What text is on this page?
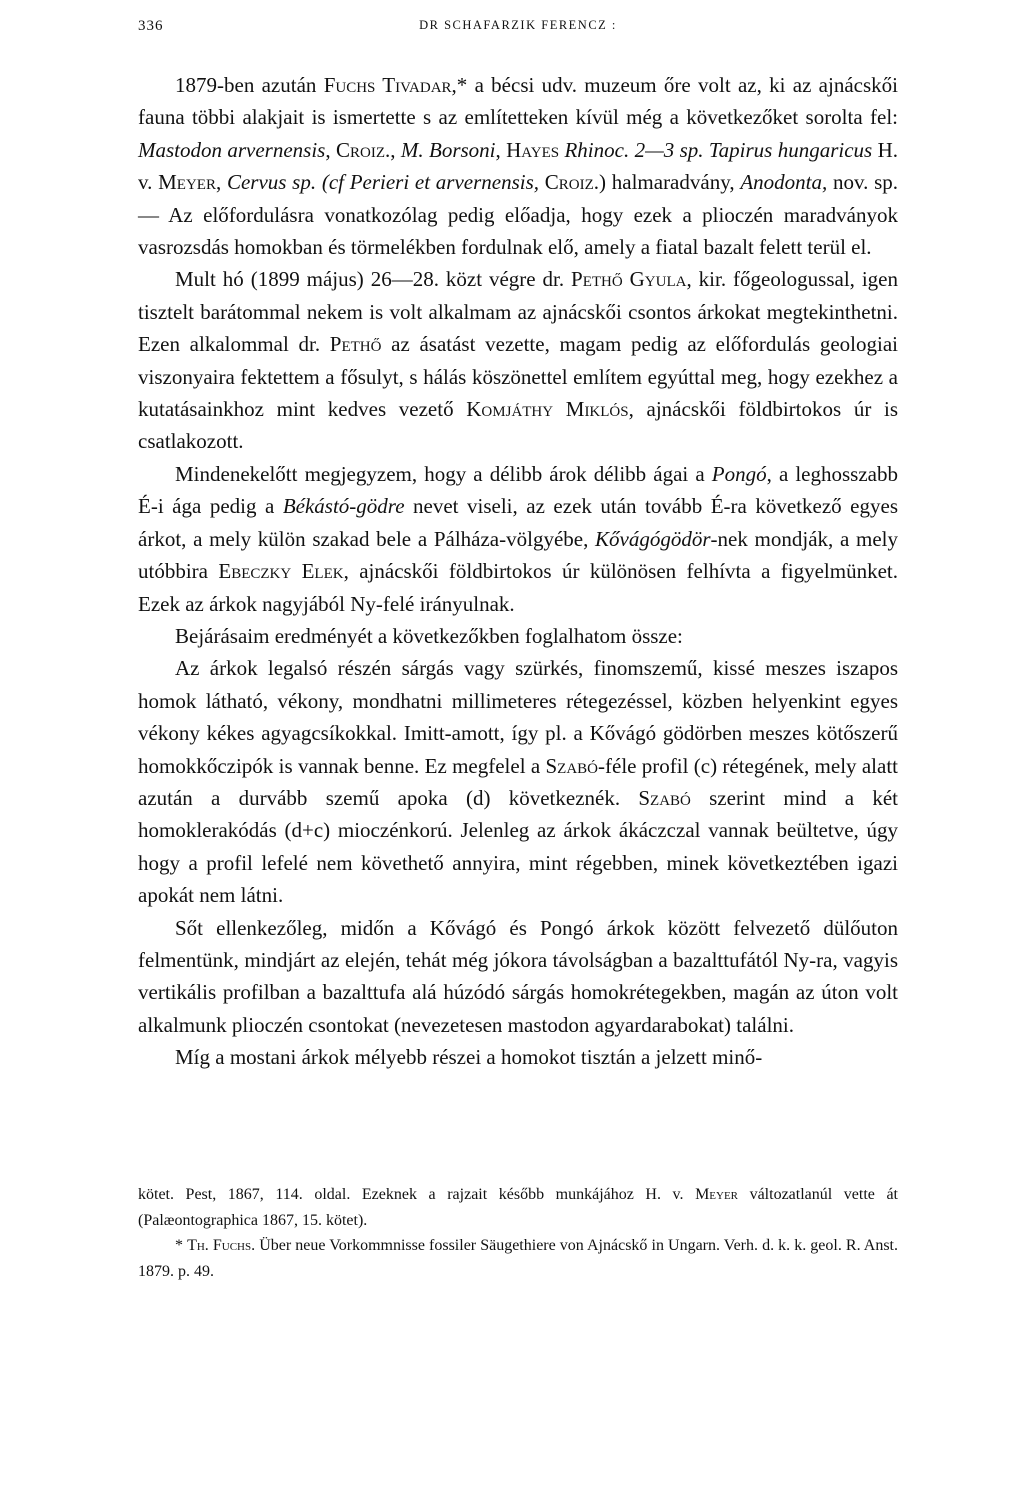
336	DR SCHAFARZIK FERENCZ :

1879-ben azután Fuchs Tivadar,* a bécsi udv. muzeum őre volt az, ki az ajnácskői fauna többi alakjait is ismertette s az említetteken kívül még a következőket sorolta fel: Mastodon arvernensis, Croiz., M. Borsoni, Hayes Rhinoc. 2—3 sp. Tapirus hungaricus H. v. Meyer, Cervus sp. (cf Perieri et arvernensis, Croiz.) halmaradvány, Anodonta, nov. sp. — Az előfordulásra vonatkozólag pedig előadja, hogy ezek a plioczén maradványok vasrozsdás homokban és törmelékben fordulnak elő, amely a fiatal bazalt felett terül el.

Mult hó (1899 május) 26—28. közt végre dr. Pethő Gyula, kir. főgeologussal, igen tisztelt barátommal nekem is volt alkalmam az ajnácskői csontos árkokat megtekinthetni. Ezen alkalommal dr. Pethő az ásatást vezette, magam pedig az előfordulás geologiai viszonyaira fektettem a fősulyt, s hálás köszönettel említem egyúttal meg, hogy ezekhez a kutatásainkhoz mint kedves vezető Komjáthy Miklós, ajnácskői földbirtokos úr is csatlakozott.

Mindenekelőtt megjegyzem, hogy a délibb árok délibb ágai a Pongó, a leghosszabb É-i ága pedig a Békástó-gödre nevet viseli, az ezek után tovább É-ra következő egyes árkot, a mely külön szakad bele a Pálháza-völgyébe, Kővágógödör-nek mondják, a mely utóbbira Ebeczky Elek, ajnácskői földbirtokos úr különösen felhívta a figyelmünket. Ezek az árkok nagyjából Ny-felé irányulnak.

Bejárásaim eredményét a következőkben foglalhatom össze:

Az árkok legalsó részén sárgás vagy szürkés, finomszemű, kissé meszes iszapos homok látható, vékony, mondhatni millimeteres rétegezéssel, közben helyenkint egyes vékony kékes agyagcsíkokkal. Imitt-amott, így pl. a Kővágó gödörben meszes kötőszerű homokkőczipók is vannak benne. Ez megfelel a Szabó-féle profil (c) rétegének, mely alatt azután a durvább szemű apoka (d) következnék. Szabó szerint mind a két homoklerakódás (d+c) mioczénkorú. Jelenleg az árkok ákáczczal vannak beültetve, úgy hogy a profil lefelé nem követhető annyira, mint régebben, minek következtében igazi apokát nem látni.

Sőt ellenkezőleg, midőn a Kővágó és Pongó árkok között felvezető dülőuton felmentünk, mindjárt az elején, tehát még jókora távolságban a bazalttufától Ny-ra, vagyis vertikális profilban a bazalttufa alá húzódó sárgás homokrétegekben, magán az úton volt alkalmunk plioczén csontokat (nevezetesen mastodon agyardarabokat) találni.

Míg a mostani árkok mélyebb részei a homokot tisztán a jelzett minő-

kötet. Pest, 1867, 114. oldal. Ezeknek a rajzait később munkájához H. v. Meyer változatlanúl vette át (Palæontographica 1867, 15. kötet).

* Th. Fuchs. Über neue Vorkommnisse fossiler Säugethiere von Ajnácskő in Ungarn. Verh. d. k. k. geol. R. Anst. 1879. p. 49.
